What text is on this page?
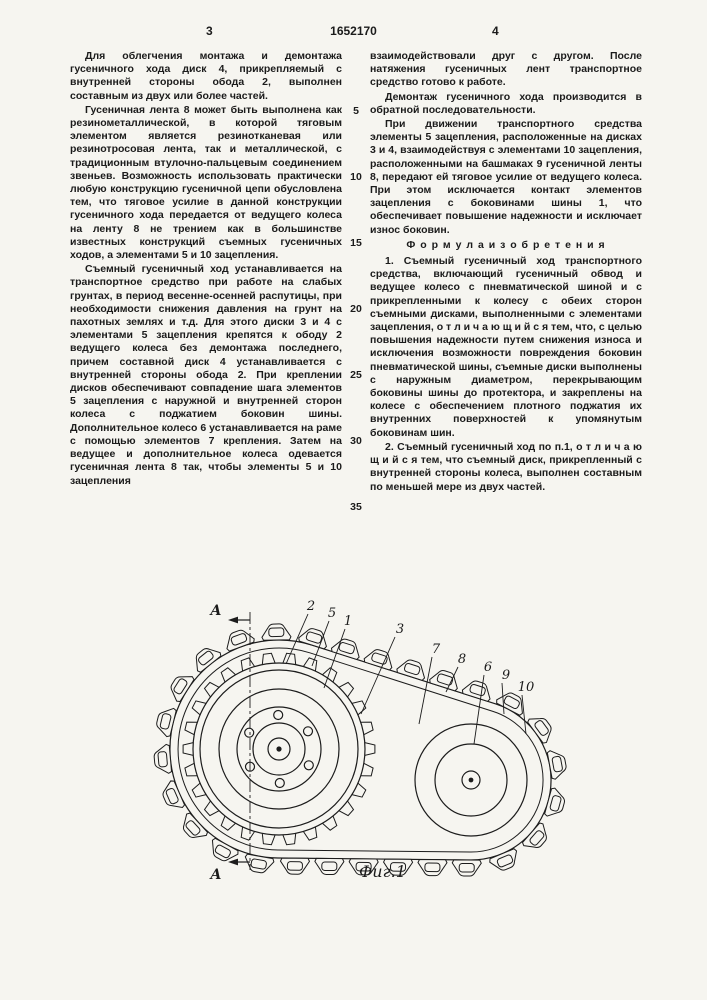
3	1652170	4

Для облегчения монтажа и демонтажа гусеничного хода диск 4, прикрепляемый с внутренней стороны обода 2, выполнен составным из двух или более частей.

Гусеничная лента 8 может быть выполнена как резинометаллической, в которой тяговым элементом является резинотканевая или резинотросовая лента, так и металлической, с традиционным втулочно-пальцевым соединением звеньев. Возможность использовать практически любую конструкцию гусеничной цепи обусловлена тем, что тяговое усилие в данной конструкции гусеничного хода передается от ведущего колеса на ленту 8 не трением как в большинстве известных конструкций съемных гусеничных ходов, а элементами 5 и 10 зацепления.

Съемный гусеничный ход устанавливается на транспортное средство при работе на слабых грунтах, в период весенне-осенней распутицы, при необходимости снижения давления на грунт на пахотных землях и т.д. Для этого диски 3 и 4 с элементами 5 зацепления крепятся к ободу 2 ведущего колеса без демонтажа последнего, причем составной диск 4 устанавливается с внутренней стороны обода 2. При креплении дисков обеспечивают совпадение шага элементов 5 зацепления с наружной и внутренней сторон колеса с поджатием боковин шины. Дополнительное колесо 6 устанавливается на раме с помощью элементов 7 крепления. Затем на ведущее и дополнительное колеса одевается гусеничная лента 8 так, чтобы элементы 5 и 10 зацепления

5
10
15
20
25
30
35

взаимодействовали друг с другом. После натяжения гусеничных лент транспортное средство готово к работе.

Демонтаж гусеничного хода производится в обратной последовательности.

При движении транспортного средства элементы 5 зацепления, расположенные на дисках 3 и 4, взаимодействуя с элементами 10 зацепления, расположенными на башмаках 9 гусеничной ленты 8, передают ей тяговое усилие от ведущего колеса. При этом исключается контакт элементов зацепления с боковинами шины 1, что обеспечивает повышение надежности и исключает износ боковин.

Ф о р м у л а и з о б р е т е н и я

1. Съемный гусеничный ход транспортного средства, включающий гусеничный обвод и ведущее колесо с пневматической шиной и с прикрепленными к колесу с обеих сторон съемными дисками, выполненными с элементами зацепления, о т л и ч а ю щ и й с я тем, что, с целью повышения надежности путем снижения износа и исключения возможности повреждения боковин пневматической шины, съемные диски выполнены с наружным диаметром, перекрывающим боковины шины до протектора, и закреплены на колесе с обеспечением плотного поджатия их внутренних поверхностей к упомянутым боковинам шин.

2. Съемный гусеничный ход по п.1, о т л и ч а ю щ и й с я тем, что съемный диск, прикрепленный с внутренней стороны колеса, выполнен составным по меньшей мере из двух частей.

А
А
2 5
1
3
7
8
6
9
10
Фиг.1
